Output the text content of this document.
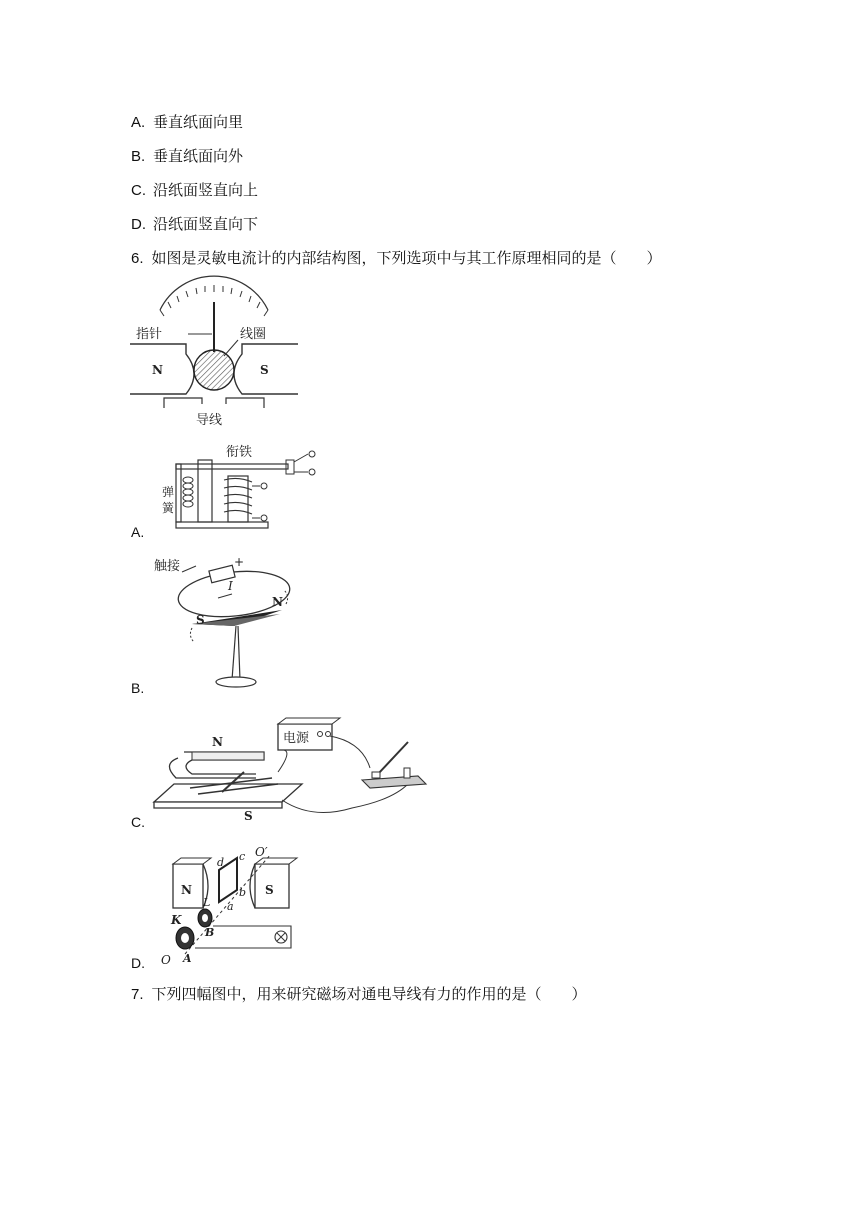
A. 垂直纸面向里
B. 垂直纸面向外
C. 沿纸面竖直向上
D. 沿纸面竖直向下
6. 如图是灵敏电流计的内部结构图，下列选项中与其工作原理相同的是（　　）
指针	线圈
N	S
导线
衔铁
弹
簧
A.
触接	+
I
N
S
B.
N
S
电源
C.
N	S
O′
c
d
b
a
L
K
B
A
O
D.
7. 下列四幅图中，用来研究磁场对通电导线有力的作用的是（　　）
